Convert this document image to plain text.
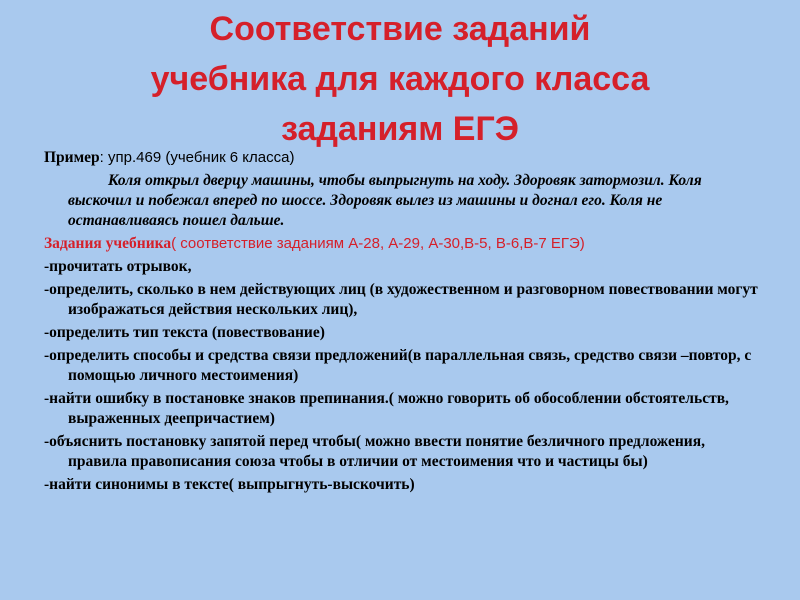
Соответствие заданий
учебника для каждого класса
заданиям ЕГЭ
Пример: упр.469 (учебник 6 класса)
Коля открыл дверцу машины, чтобы выпрыгнуть на ходу. Здоровяк затормозил. Коля выскочил и побежал вперед по шоссе. Здоровяк вылез из машины и догнал его. Коля не останавливаясь пошел дальше.
Задания учебника( соответствие заданиям А-28, А-29, А-30,В-5, В-6,В-7 ЕГЭ)
-прочитать отрывок,
-определить, сколько в нем действующих лиц (в художественном и разговорном повествовании могут изображаться действия нескольких лиц),
-определить тип текста (повествование)
-определить способы и средства связи предложений(в параллельная связь, средство связи –повтор, с помощью личного местоимения)
-найти ошибку в постановке знаков препинания.( можно говорить об обособлении обстоятельств, выраженных деепричастием)
-объяснить постановку запятой перед чтобы( можно ввести понятие безличного предложения, правила правописания союза чтобы в отличии от местоимения что и частицы бы)
-найти синонимы в тексте( выпрыгнуть-выскочить)
